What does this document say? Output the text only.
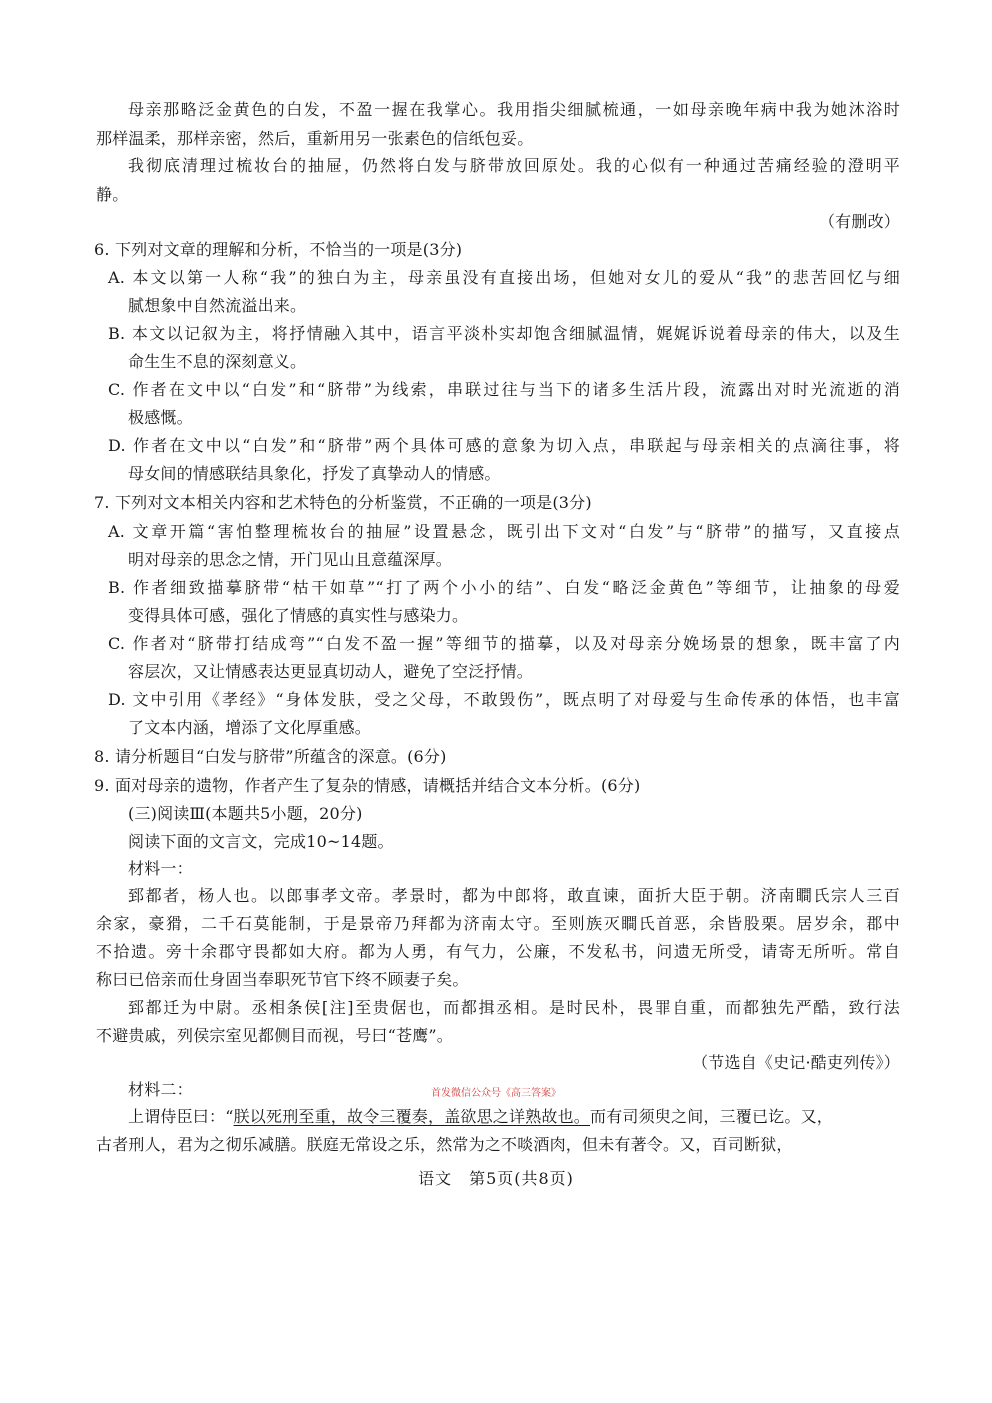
母亲那略泛金黄色的白发，不盈一握在我掌心。我用指尖细腻梳通，一如母亲晚年病中我为她沐浴时
那样温柔，那样亲密，然后，重新用另一张素色的信纸包妥。
我彻底清理过梳妆台的抽屉，仍然将白发与脐带放回原处。我的心似有一种通过苦痛经验的澄明平
静。
（有删改）
6. 下列对文章的理解和分析，不恰当的一项是(3分)
A. 本文以第一人称“我”的独白为主，母亲虽没有直接出场，但她对女儿的爱从“我”的悲苦回忆与细
腻想象中自然流溢出来。
B. 本文以记叙为主，将抒情融入其中，语言平淡朴实却饱含细腻温情，娓娓诉说着母亲的伟大，以及生
命生生不息的深刻意义。
C. 作者在文中以“白发”和“脐带”为线索，串联过往与当下的诸多生活片段，流露出对时光流逝的消
极感慨。
D. 作者在文中以“白发”和“脐带”两个具体可感的意象为切入点，串联起与母亲相关的点滴往事，将
母女间的情感联结具象化，抒发了真挚动人的情感。
7. 下列对文本相关内容和艺术特色的分析鉴赏，不正确的一项是(3分)
A. 文章开篇“害怕整理梳妆台的抽屉”设置悬念，既引出下文对“白发”与“脐带”的描写，又直接点
明对母亲的思念之情，开门见山且意蕴深厚。
B. 作者细致描摹脐带“枯干如草”“打了两个小小的结”、白发“略泛金黄色”等细节，让抽象的母爱
变得具体可感，强化了情感的真实性与感染力。
C. 作者对“脐带打结成弯”“白发不盈一握”等细节的描摹，以及对母亲分娩场景的想象，既丰富了内
容层次，又让情感表达更显真切动人，避免了空泛抒情。
D. 文中引用《孝经》“身体发肤，受之父母，不敢毁伤”，既点明了对母爱与生命传承的体悟，也丰富
了文本内涵，增添了文化厚重感。
8. 请分析题目“白发与脐带”所蕴含的深意。(6分)
9. 面对母亲的遗物，作者产生了复杂的情感，请概括并结合文本分析。(6分)
(三)阅读Ⅲ(本题共5小题，20分)
阅读下面的文言文，完成10~14题。
材料一：
郅都者，杨人也。以郎事孝文帝。孝景时，都为中郎将，敢直谏，面折大臣于朝。济南瞷氏宗人三百
余家，豪猾，二千石莫能制，于是景帝乃拜都为济南太守。至则族灭瞷氏首恶，余皆股栗。居岁余，郡中
不拾遗。旁十余郡守畏都如大府。都为人勇，有气力，公廉，不发私书，问遗无所受，请寄无所听。常自
称曰已倍亲而仕身固当奉职死节官下终不顾妻子矣。
郅都迁为中尉。丞相条侯[注]至贵倨也，而都揖丞相。是时民朴，畏罪自重，而都独先严酷，致行法
不避贵戚，列侯宗室见都侧目而视，号曰“苍鹰”。
（节选自《史记·酷吏列传》）
材料二：	首发微信公众号《高三答案》
上谓侍臣曰：“朕以死刑至重，故令三覆奏，盖欲思之详熟故也。而有司须臾之间，三覆已讫。又，
古者刑人，君为之彻乐减膳。朕庭无常设之乐，然常为之不啖酒肉，但未有著令。又，百司断狱，
语文　第5页(共8页)
